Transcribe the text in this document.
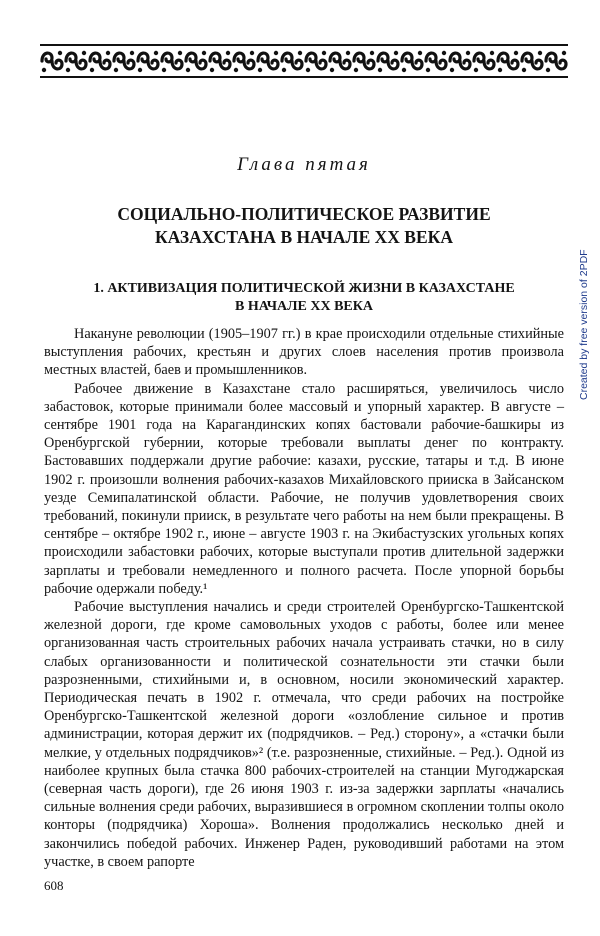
Глава пятая
СОЦИАЛЬНО-ПОЛИТИЧЕСКОЕ РАЗВИТИЕ
КАЗАХСТАНА В НАЧАЛЕ XX ВЕКА
1. АКТИВИЗАЦИЯ ПОЛИТИЧЕСКОЙ ЖИЗНИ В КАЗАХСТАНЕ
В НАЧАЛЕ XX ВЕКА

Накануне революции (1905–1907 гг.) в крае происходили отдельные стихийные выступления рабочих, крестьян и других слоев населения против произвола местных властей, баев и промышленников.

Рабочее движение в Казахстане стало расширяться, увеличилось число забастовок, которые принимали более массовый и упорный характер. В августе – сентябре 1901 года на Карагандинских копях бастовали рабочие-башкиры из Оренбургской губернии, которые требовали выплаты денег по контракту. Бастовавших поддержали другие рабочие: казахи, русские, татары и т.д. В июне 1902 г. произошли волнения рабочих-казахов Михайловского прииска в Зайсанском уезде Семипалатинской области. Рабочие, не получив удовлетворения своих требований, покинули прииск, в результате чего работы на нем были прекращены. В сентябре – октябре 1902 г., июне – августе 1903 г. на Экибастузских угольных копях происходили забастовки рабочих, которые выступали против длительной задержки зарплаты и требовали немедленного и полного расчета. После упорной борьбы рабочие одержали победу.¹

Рабочие выступления начались и среди строителей Оренбургско-Ташкентской железной дороги, где кроме самовольных уходов с работы, более или менее организованная часть строительных рабочих начала устраивать стачки, но в силу слабых организованности и политической сознательности эти стачки были разрозненными, стихийными и, в основном, носили экономический характер. Периодическая печать в 1902 г. отмечала, что среди рабочих на постройке Оренбургско-Ташкентской железной дороги «озлобление сильное и против администрации, которая держит их (подрядчиков. – Ред.) сторону», а «стачки были мелкие, у отдельных подрядчиков»² (т.е. разрозненные, стихийные. – Ред.). Одной из наиболее крупных была стачка 800 рабочих-строителей на станции Мугоджарская (северная часть дороги), где 26 июня 1903 г. из-за задержки зарплаты «начались сильные волнения среди рабочих, выразившиеся в огромном скоплении толпы около конторы (подрядчика) Хороша». Волнения продолжались несколько дней и закончились победой рабочих. Инженер Раден, руководивший работами на этом участке, в своем рапорте

608
Created by free version of 2PDF
